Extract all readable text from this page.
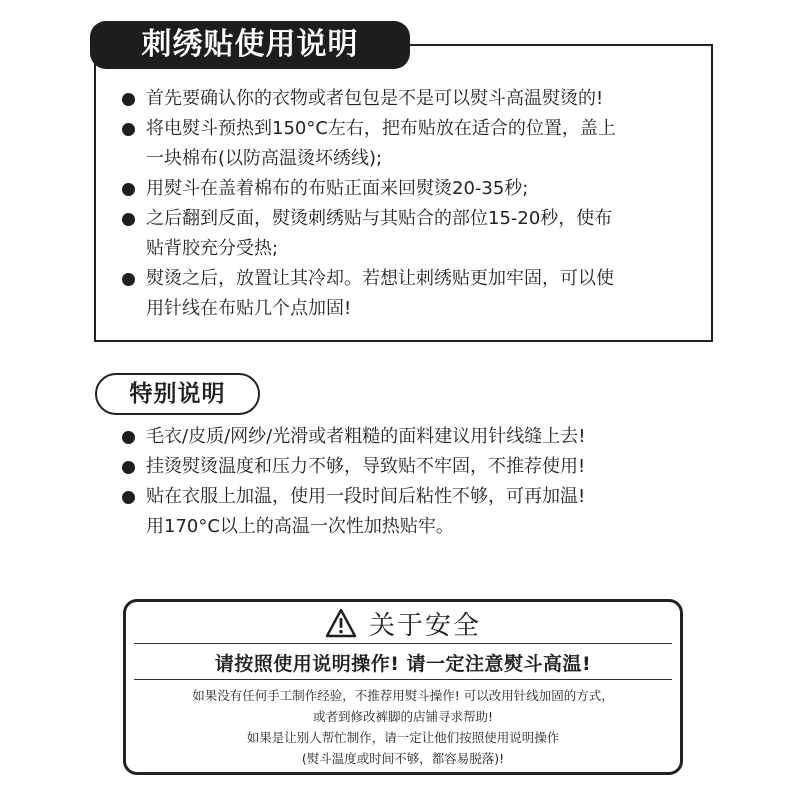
刺绣贴使用说明
首先要确认你的衣物或者包包是不是可以熨斗高温熨烫的!
将电熨斗预热到150°C左右，把布贴放在适合的位置，盖上
一块棉布(以防高温烫坏绣线);
用熨斗在盖着棉布的布贴正面来回熨烫20-35秒;
之后翻到反面，熨烫刺绣贴与其贴合的部位15-20秒，使布
贴背胶充分受热;
熨烫之后，放置让其冷却。若想让刺绣贴更加牢固，可以使
用针线在布贴几个点加固!
特别说明
毛衣/皮质/网纱/光滑或者粗糙的面料建议用针线缝上去!
挂烫熨烫温度和压力不够，导致贴不牢固，不推荐使用!
贴在衣服上加温，使用一段时间后粘性不够，可再加温!
用170°C以上的高温一次性加热贴牢。
关于安全
请按照使用说明操作! 请一定注意熨斗高温!

如果没有任何手工制作经验，不推荐用熨斗操作! 可以改用针线加固的方式，

或者到修改裤脚的店铺寻求帮助!

如果是让别人帮忙制作，请一定让他们按照使用说明操作

(熨斗温度或时间不够，都容易脱落)!
